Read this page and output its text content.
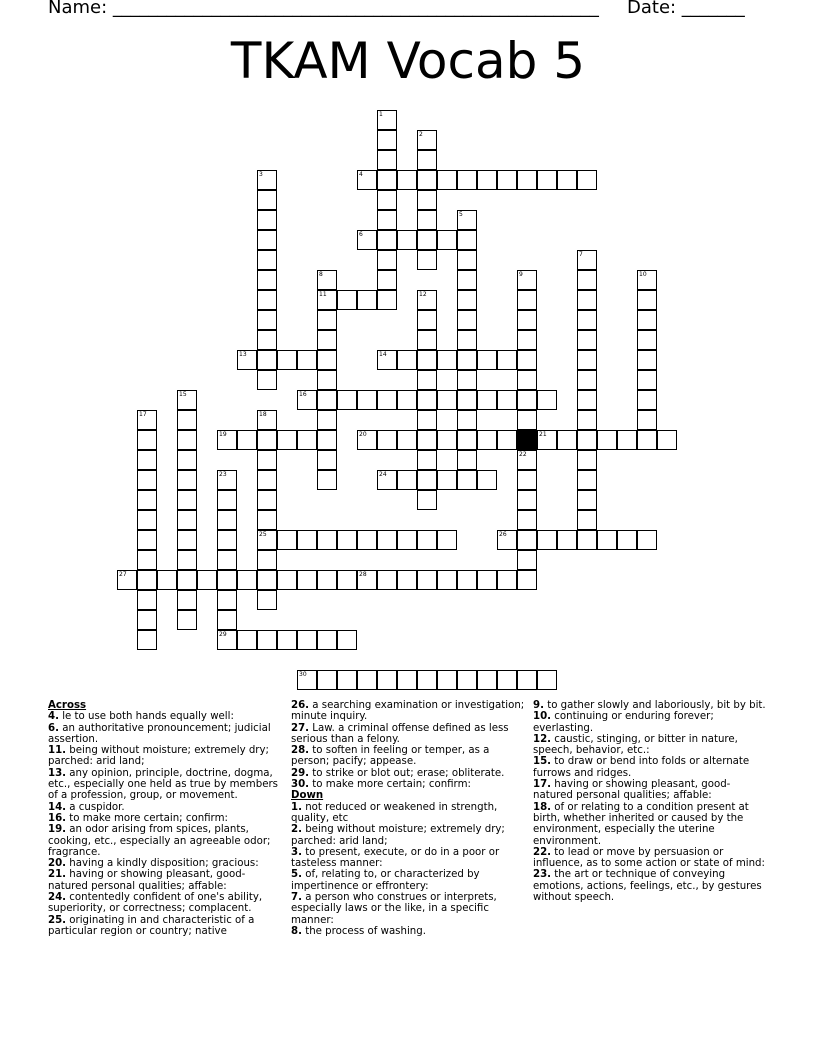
Name: ______________________________________________________ Date: _______
TKAM Vocab 5
1
2
3	4
5
6
7
8
11
9
22
10
12
13	14
15	16
17	18
25
19	20	21
23	24
26
27	28
29
30
Across
4. le to use both hands equally well:
6. an authoritative pronouncement; judicial assertion.
11. being without moisture; extremely dry; parched: arid land;
13. any opinion, principle, doctrine, dogma, etc., especially one held as true by members of a profession, group, or movement.
14. a cuspidor.
16. to make more certain; confirm:
19. an odor arising from spices, plants, cooking, etc., especially an agreeable odor; fragrance.
20. having a kindly disposition; gracious:
21. having or showing pleasant, good-natured personal qualities; affable:
24. contentedly confident of one's ability, superiority, or correctness; complacent.
25. originating in and characteristic of a particular region or country; native
26. a searching examination or investigation; minute inquiry.
27. Law. a criminal offense defined as less serious than a felony.
28. to soften in feeling or temper, as a person; pacify; appease.
29. to strike or blot out; erase; obliterate.
30. to make more certain; confirm:
Down
1. not reduced or weakened in strength, quality, etc
2. being without moisture; extremely dry; parched: arid land;
3. to present, execute, or do in a poor or tasteless manner:
5. of, relating to, or characterized by impertinence or effrontery:
7. a person who construes or interprets, especially laws or the like, in a specific manner:
8. the process of washing.
9. to gather slowly and laboriously, bit by bit.
10. continuing or enduring forever; everlasting.
12. caustic, stinging, or bitter in nature, speech, behavior, etc.:
15. to draw or bend into folds or alternate furrows and ridges.
17. having or showing pleasant, good-natured personal qualities; affable:
18. of or relating to a condition present at birth, whether inherited or caused by the environment, especially the uterine environment.
22. to lead or move by persuasion or influence, as to some action or state of mind:
23. the art or technique of conveying emotions, actions, feelings, etc., by gestures without speech.
